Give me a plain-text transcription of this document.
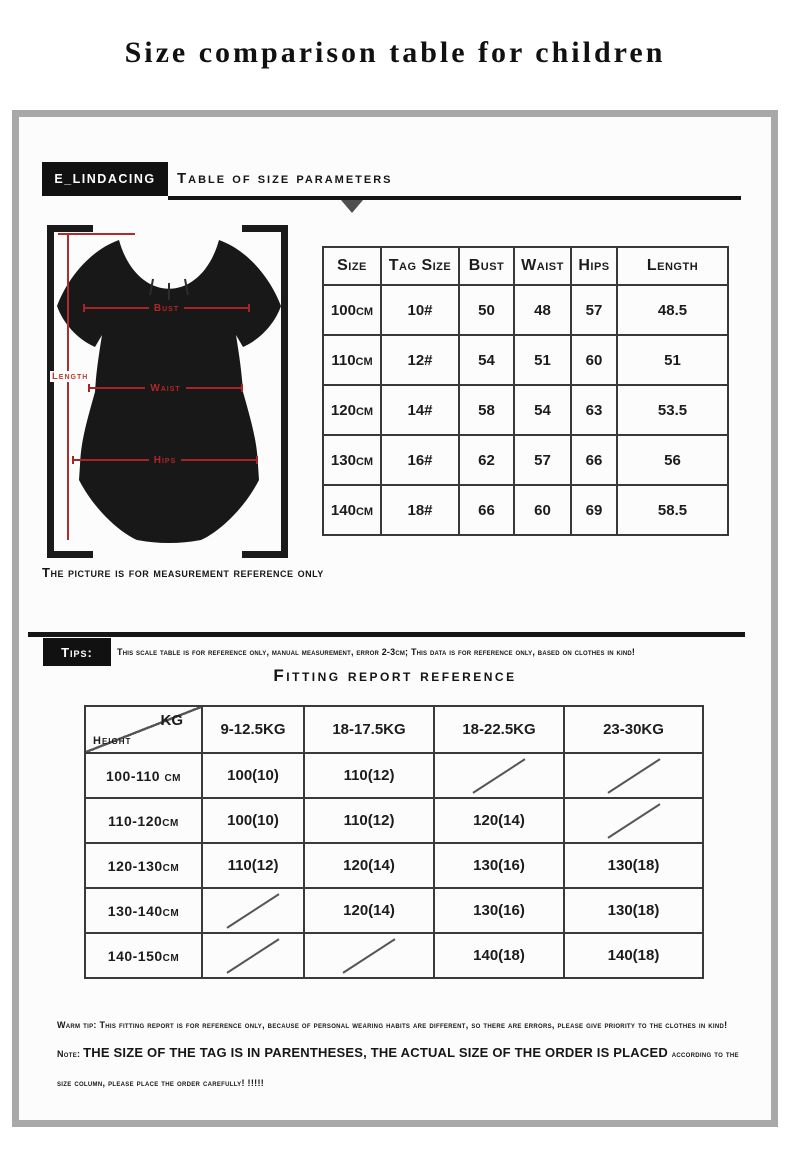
Size comparison table for children
E_LINDACING	Table of size parameters
Length
Bust
Waist
Hips
The picture is for measurement reference only
Size	Tag Size	Bust	Waist	Hips	Length
100cm	10#	50	48	57	48.5
110cm	12#	54	51	60	51
120cm	14#	58	54	63	53.5
130cm	16#	62	57	66	56
140cm	18#	66	60	69	58.5
Tips:	This scale table is for reference only, manual measurement, error 2-3cm; This data is for reference only, based on clothes in kind!
Fitting report reference
KG
Height	9-12.5KG	18-17.5KG	18-22.5KG	23-30KG
100-110 cm	100(10)	110(12)	

110-120cm	100(10)	110(12)	120(14)	

120-130cm	110(12)	120(14)	130(16)	130(18)
130-140cm		120(14)	130(16)	130(18)
140-150cm			140(18)	140(18)

Warm tip: This fitting report is for reference only, because of personal wearing habits are different, so there are errors, please give priority to the clothes in kind! Note: THE SIZE OF THE TAG IS IN PARENTHESES, THE ACTUAL SIZE OF THE ORDER IS PLACED according to the size column, please place the order carefully! !!!!!
